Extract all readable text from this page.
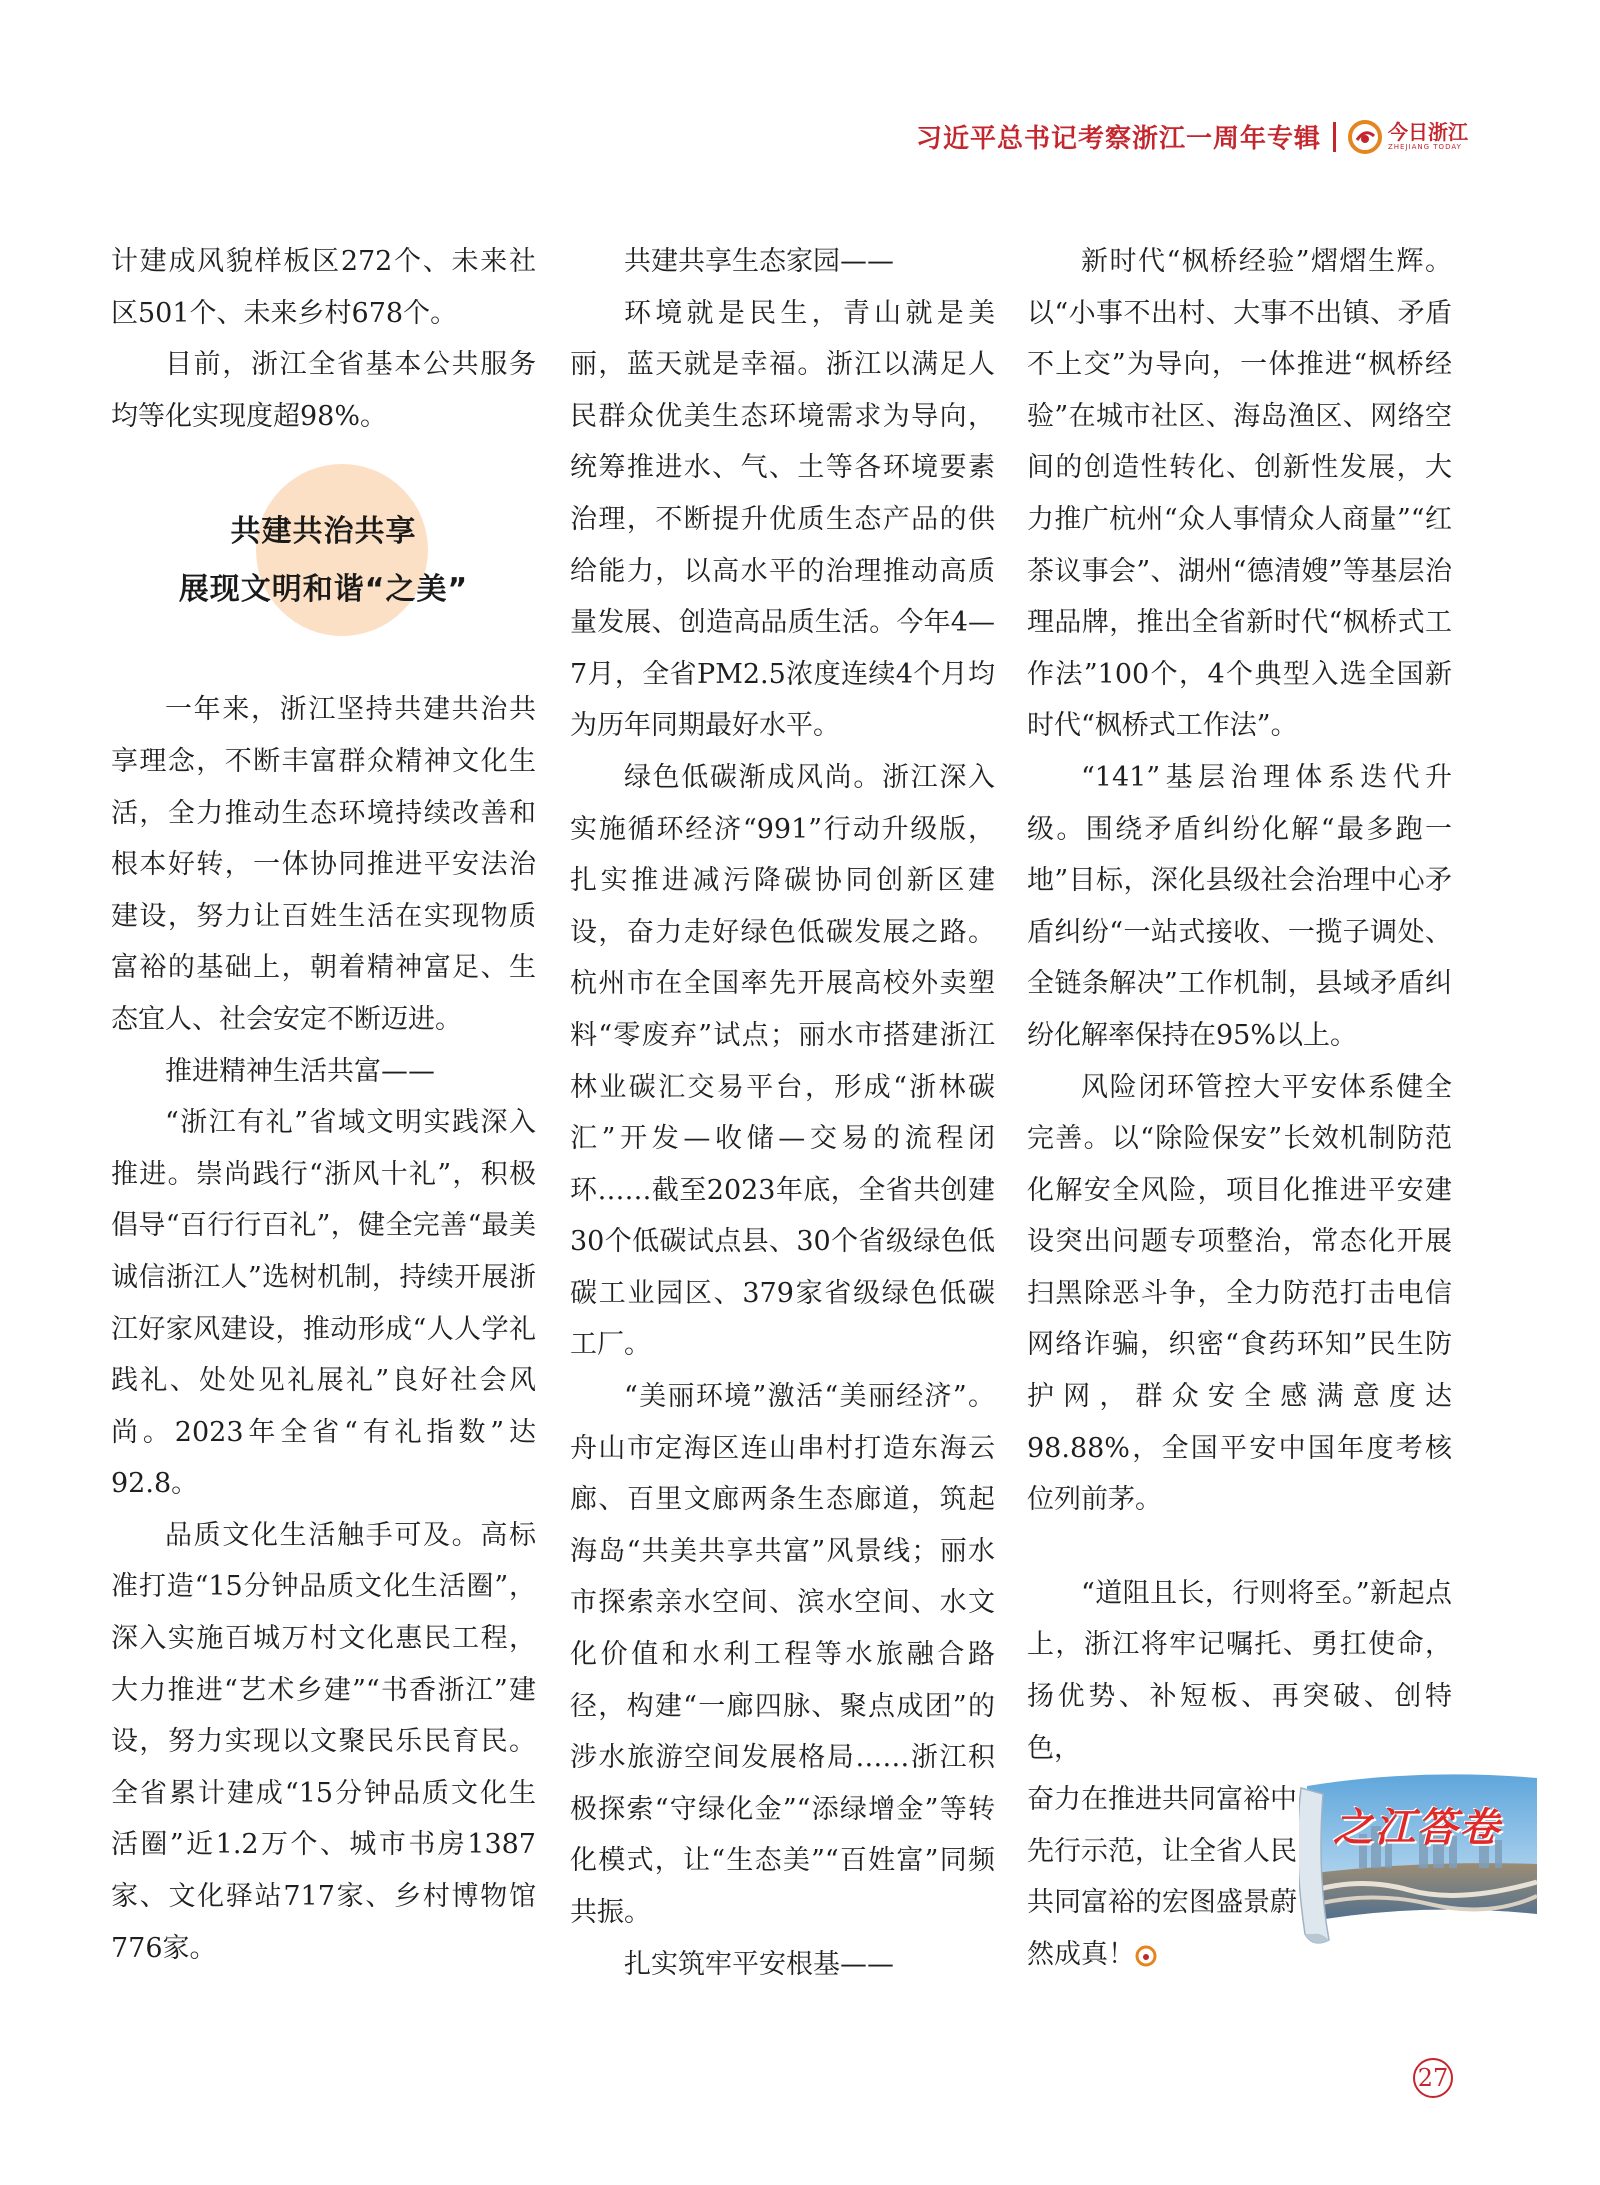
习近平总书记考察浙江一周年专辑	今日浙江
ZHEJIANG TODAY

计建成风貌样板区272个、未来社区501个、未来乡村678个。

目前，浙江全省基本公共服务均等化实现度超98%。

共建共治共享
展现文明和谐“之美”

一年来，浙江坚持共建共治共享理念，不断丰富群众精神文化生活，全力推动生态环境持续改善和根本好转，一体协同推进平安法治建设，努力让百姓生活在实现物质富裕的基础上，朝着精神富足、生态宜人、社会安定不断迈进。

推进精神生活共富——

“浙江有礼”省域文明实践深入推进。崇尚践行“浙风十礼”，积极倡导“百行行百礼”，健全完善“最美诚信浙江人”选树机制，持续开展浙江好家风建设，推动形成“人人学礼践礼、处处见礼展礼”良好社会风尚。2023年全省“有礼指数”达92.8。

品质文化生活触手可及。高标准打造“15分钟品质文化生活圈”，深入实施百城万村文化惠民工程，大力推进“艺术乡建”“书香浙江”建设，努力实现以文聚民乐民育民。全省累计建成“15分钟品质文化生活圈”近1.2万个、城市书房1387家、文化驿站717家、乡村博物馆776家。

共建共享生态家园——

环境就是民生，青山就是美丽，蓝天就是幸福。浙江以满足人民群众优美生态环境需求为导向，统筹推进水、气、土等各环境要素治理，不断提升优质生态产品的供给能力，以高水平的治理推动高质量发展、创造高品质生活。今年4—7月，全省PM2.5浓度连续4个月均为历年同期最好水平。

绿色低碳渐成风尚。浙江深入实施循环经济“991”行动升级版，扎实推进减污降碳协同创新区建设，奋力走好绿色低碳发展之路。杭州市在全国率先开展高校外卖塑料“零废弃”试点；丽水市搭建浙江林业碳汇交易平台，形成“浙林碳汇”开发—收储—交易的流程闭环……截至2023年底，全省共创建30个低碳试点县、30个省级绿色低碳工业园区、379家省级绿色低碳工厂。

“美丽环境”激活“美丽经济”。舟山市定海区连山串村打造东海云廊、百里文廊两条生态廊道，筑起海岛“共美共享共富”风景线；丽水市探索亲水空间、滨水空间、水文化价值和水利工程等水旅融合路径，构建“一廊四脉、聚点成团”的涉水旅游空间发展格局……浙江积极探索“守绿化金”“添绿增金”等转化模式，让“生态美”“百姓富”同频共振。

扎实筑牢平安根基——

新时代“枫桥经验”熠熠生辉。以“小事不出村、大事不出镇、矛盾不上交”为导向，一体推进“枫桥经验”在城市社区、海岛渔区、网络空间的创造性转化、创新性发展，大力推广杭州“众人事情众人商量”“红茶议事会”、湖州“德清嫂”等基层治理品牌，推出全省新时代“枫桥式工作法”100个，4个典型入选全国新时代“枫桥式工作法”。

“141”基层治理体系迭代升级。围绕矛盾纠纷化解“最多跑一地”目标，深化县级社会治理中心矛盾纠纷“一站式接收、一揽子调处、全链条解决”工作机制，县域矛盾纠纷化解率保持在95%以上。

风险闭环管控大平安体系健全完善。以“除险保安”长效机制防范化解安全风险，项目化推进平安建设突出问题专项整治，常态化开展扫黑除恶斗争，全力防范打击电信网络诈骗，织密“食药环知”民生防护网，群众安全感满意度达98.88%，全国平安中国年度考核位列前茅。

“道阻且长，行则将至。”新起点上，浙江将牢记嘱托、勇扛使命，扬优势、补短板、再突破、创特色，

奋力在推进共同富裕中先行示范，让全省人民共同富裕的宏图盛景蔚然成真！

之江答卷
27
